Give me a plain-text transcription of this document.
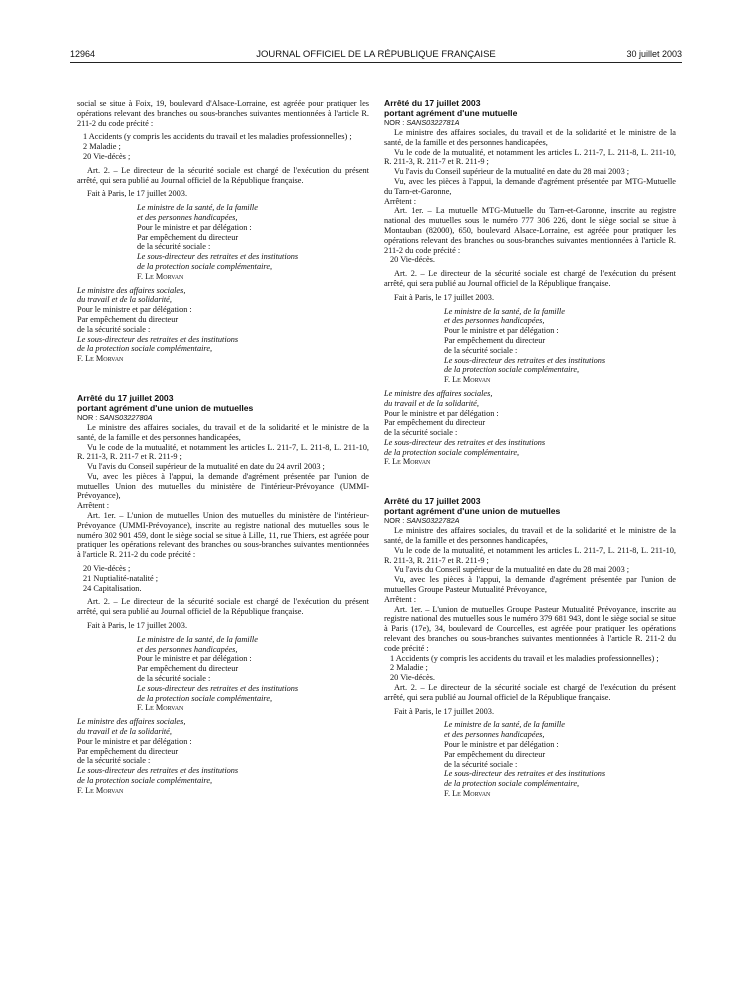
12964	JOURNAL OFFICIEL DE LA RÉPUBLIQUE FRANÇAISE	30 juillet 2003

social se situe à Foix, 19, boulevard d'Alsace-Lorraine, est agréée pour pratiquer les opérations relevant des branches ou sous-branches suivantes mentionnées à l'article R. 211-2 du code précité :

1 Accidents (y compris les accidents du travail et les maladies professionnelles) ;

2 Maladie ;

20 Vie-décès ;

Art. 2. – Le directeur de la sécurité sociale est chargé de l'exécution du présent arrêté, qui sera publié au Journal officiel de la République française.

Fait à Paris, le 17 juillet 2003.

Le ministre de la santé, de la famille

et des personnes handicapées,

Pour le ministre et par délégation :

Par empêchement du directeur

de la sécurité sociale :

Le sous-directeur des retraites et des institutions

de la protection sociale complémentaire,

F. Le Morvan

Le ministre des affaires sociales,

du travail et de la solidarité,

Pour le ministre et par délégation :

Par empêchement du directeur

de la sécurité sociale :

Le sous-directeur des retraites et des institutions

de la protection sociale complémentaire,

F. Le Morvan

Arrêté du 17 juillet 2003

portant agrément d'une union de mutuelles

NOR : SANS0322780A

Le ministre des affaires sociales, du travail et de la solidarité et le ministre de la santé, de la famille et des personnes handicapées,

Vu le code de la mutualité, et notamment les articles L. 211-7, L. 211-8, L. 211-10, R. 211-3, R. 211-7 et R. 211-9 ;

Vu l'avis du Conseil supérieur de la mutualité en date du 24 avril 2003 ;

Vu, avec les pièces à l'appui, la demande d'agrément présentée par l'union de mutuelles Union des mutuelles du ministère de l'intérieur-Prévoyance (UMMI-Prévoyance),

Arrêtent :

Art. 1er. – L'union de mutuelles Union des mutuelles du ministère de l'intérieur-Prévoyance (UMMI-Prévoyance), inscrite au registre national des mutuelles sous le numéro 302 901 459, dont le siège social se situe à Lille, 11, rue Thiers, est agréée pour pratiquer les opérations relevant des branches ou sous-branches suivantes mentionnées à l'article R. 211-2 du code précité :

20 Vie-décès ;

21 Nuptialité-natalité ;

24 Capitalisation.

Art. 2. – Le directeur de la sécurité sociale est chargé de l'exécution du présent arrêté, qui sera publié au Journal officiel de la République française.

Fait à Paris, le 17 juillet 2003.

Le ministre de la santé, de la famille

et des personnes handicapées,

Pour le ministre et par délégation :

Par empêchement du directeur

de la sécurité sociale :

Le sous-directeur des retraites et des institutions

de la protection sociale complémentaire,

F. Le Morvan

Le ministre des affaires sociales,

du travail et de la solidarité,

Pour le ministre et par délégation :

Par empêchement du directeur

de la sécurité sociale :

Le sous-directeur des retraites et des institutions

de la protection sociale complémentaire,

F. Le Morvan

Arrêté du 17 juillet 2003

portant agrément d'une mutuelle

NOR : SANS0322781A

Le ministre des affaires sociales, du travail et de la solidarité et le ministre de la santé, de la famille et des personnes handicapées,

Vu le code de la mutualité, et notamment les articles L. 211-7, L. 211-8, L. 211-10, R. 211-3, R. 211-7 et R. 211-9 ;

Vu l'avis du Conseil supérieur de la mutualité en date du 28 mai 2003 ;

Vu, avec les pièces à l'appui, la demande d'agrément présentée par MTG-Mutuelle du Tarn-et-Garonne,

Arrêtent :

Art. 1er. – La mutuelle MTG-Mutuelle du Tarn-et-Garonne, inscrite au registre national des mutuelles sous le numéro 777 306 226, dont le siège social se situe à Montauban (82000), 650, boulevard Alsace-Lorraine, est agréée pour pratiquer les opérations relevant des branches ou sous-branches suivantes mentionnées à l'article R. 211-2 du code précité :

20 Vie-décès.

Art. 2. – Le directeur de la sécurité sociale est chargé de l'exécution du présent arrêté, qui sera publié au Journal officiel de la République française.

Fait à Paris, le 17 juillet 2003.

Le ministre de la santé, de la famille

et des personnes handicapées,

Pour le ministre et par délégation :

Par empêchement du directeur

de la sécurité sociale :

Le sous-directeur des retraites et des institutions

de la protection sociale complémentaire,

F. Le Morvan

Le ministre des affaires sociales,

du travail et de la solidarité,

Pour le ministre et par délégation :

Par empêchement du directeur

de la sécurité sociale :

Le sous-directeur des retraites et des institutions

de la protection sociale complémentaire,

F. Le Morvan

Arrêté du 17 juillet 2003

portant agrément d'une union de mutuelles

NOR : SANS0322782A

Le ministre des affaires sociales, du travail et de la solidarité et le ministre de la santé, de la famille et des personnes handicapées,

Vu le code de la mutualité, et notamment les articles L. 211-7, L. 211-8, L. 211-10, R. 211-3, R. 211-7 et R. 211-9 ;

Vu l'avis du Conseil supérieur de la mutualité en date du 28 mai 2003 ;

Vu, avec les pièces à l'appui, la demande d'agrément présentée par l'union de mutuelles Groupe Pasteur Mutualité Prévoyance,

Arrêtent :

Art. 1er. – L'union de mutuelles Groupe Pasteur Mutualité Prévoyance, inscrite au registre national des mutuelles sous le numéro 379 681 943, dont le siège social se situe à Paris (17e), 34, boulevard de Courcelles, est agréée pour pratiquer les opérations relevant des branches ou sous-branches suivantes mentionnées à l'article R. 211-2 du code précité :

1 Accidents (y compris les accidents du travail et les maladies professionnelles) ;

2 Maladie ;

20 Vie-décès.

Art. 2. – Le directeur de la sécurité sociale est chargé de l'exécution du présent arrêté, qui sera publié au Journal officiel de la République française.

Fait à Paris, le 17 juillet 2003.

Le ministre de la santé, de la famille

et des personnes handicapées,

Pour le ministre et par délégation :

Par empêchement du directeur

de la sécurité sociale :

Le sous-directeur des retraites et des institutions

de la protection sociale complémentaire,

F. Le Morvan
